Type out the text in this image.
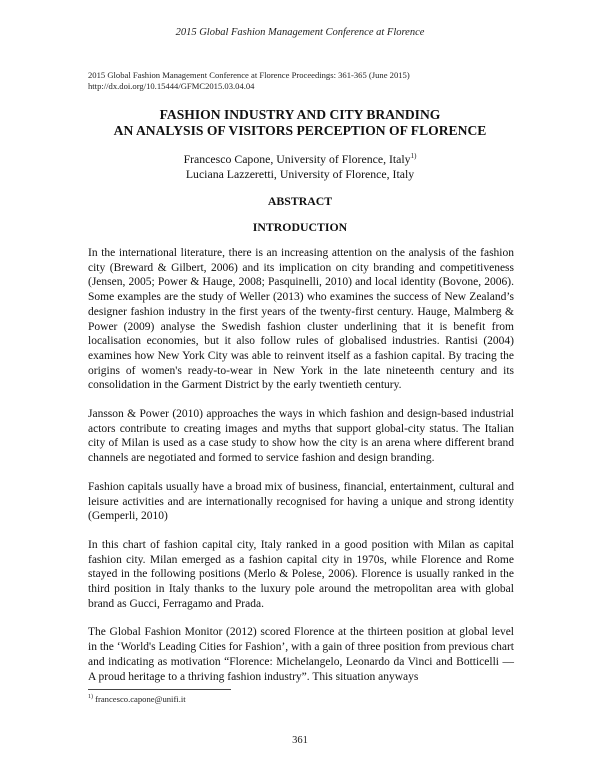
2015 Global Fashion Management Conference at Florence
2015 Global Fashion Management Conference at Florence Proceedings: 361-365 (June 2015)
http://dx.doi.org/10.15444/GFMC2015.03.04.04
FASHION INDUSTRY AND CITY BRANDING
AN ANALYSIS OF VISITORS PERCEPTION OF FLORENCE
Francesco Capone, University of Florence, Italy$^{1)}$
Luciana Lazzeretti, University of Florence, Italy
ABSTRACT
INTRODUCTION

In the international literature, there is an increasing attention on the analysis of the fashion city (Breward & Gilbert, 2006) and its implication on city branding and competitiveness (Jensen, 2005; Power & Hauge, 2008; Pasquinelli, 2010) and local identity (Bovone, 2006). Some examples are the study of Weller (2013) who examines the success of New Zealand’s designer fashion industry in the first years of the twenty-first century. Hauge, Malmberg & Power (2009) analyse the Swedish fashion cluster underlining that it is benefit from localisation economies, but it also follow rules of globalised industries. Rantisi (2004) examines how New York City was able to reinvent itself as a fashion capital. By tracing the origins of women's ready-to-wear in New York in the late nineteenth century and its consolidation in the Garment District by the early twentieth century.

Jansson & Power (2010) approaches the ways in which fashion and design-based industrial actors contribute to creating images and myths that support global-city status. The Italian city of Milan is used as a case study to show how the city is an arena where different brand channels are negotiated and formed to service fashion and design branding.

Fashion capitals usually have a broad mix of business, financial, entertainment, cultural and leisure activities and are internationally recognised for having a unique and strong identity (Gemperli, 2010)

In this chart of fashion capital city, Italy ranked in a good position with Milan as capital fashion city. Milan emerged as a fashion capital city in 1970s, while Florence and Rome stayed in the following positions (Merlo & Polese, 2006). Florence is usually ranked in the third position in Italy thanks to the luxury pole around the metropolitan area with global brand as Gucci, Ferragamo and Prada.

The Global Fashion Monitor (2012) scored Florence at the thirteen position at global level in the ‘World's Leading Cities for Fashion’, with a gain of three position from previous chart and indicating as motivation “Florence: Michelangelo, Leonardo da Vinci and Botticelli — A proud heritage to a thriving fashion industry”. This situation anyways

$^{1)}$ francesco.capone@unifi.it
361
